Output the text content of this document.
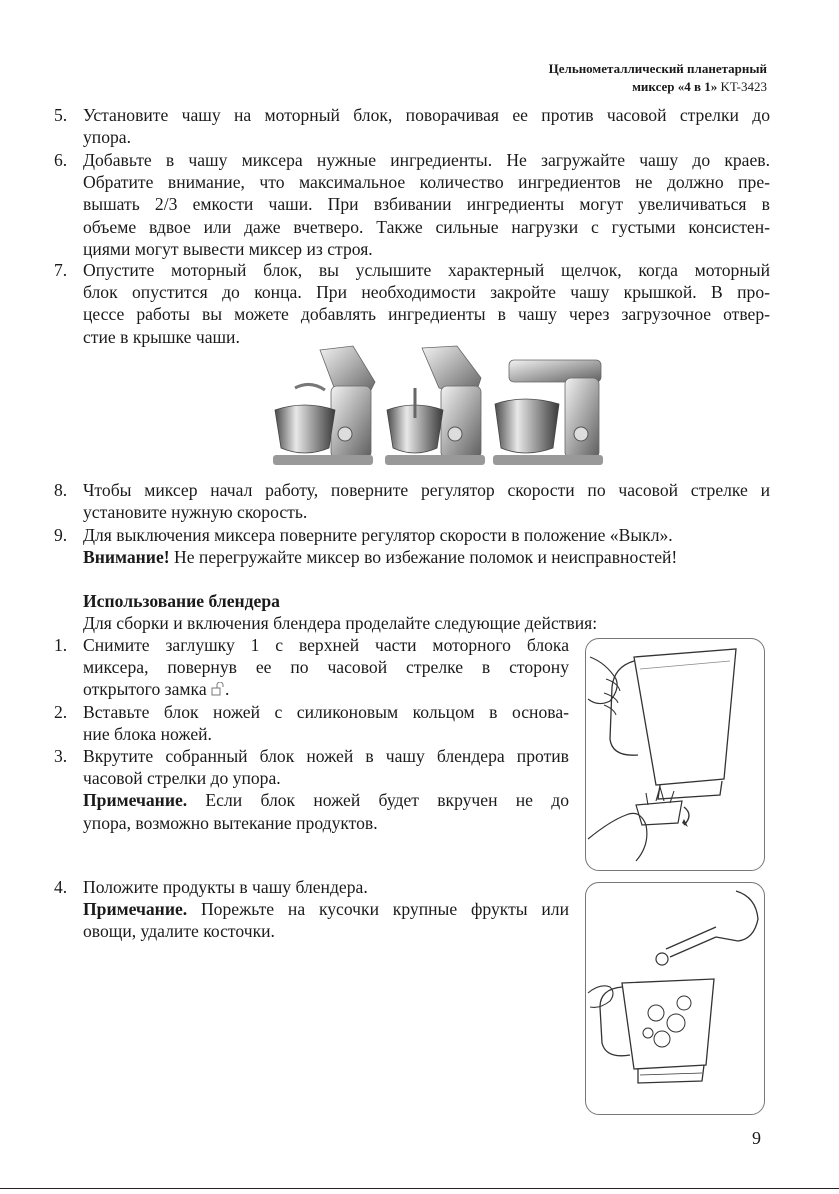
Цельнометаллический планетарный
миксер «4 в 1» KT-3423
5. Установите чашу на моторный блок, поворачивая ее против часовой стрелки до
упора.
6. Добавьте в чашу миксера нужные ингредиенты. Не загружайте чашу до краев.
Обратите внимание, что максимальное количество ингредиентов не должно пре-
вышать 2/3 емкости чаши. При взбивании ингредиенты могут увеличиваться в
объеме вдвое или даже вчетверо. Также сильные нагрузки с густыми консистен-
циями могут вывести миксер из строя.
7. Опустите моторный блок, вы услышите характерный щелчок, когда моторный
блок опустится до конца. При необходимости закройте чашу крышкой. В про-
цессе работы вы можете добавлять ингредиенты в чашу через загрузочное отвер-
стие в крышке чаши.
8. Чтобы миксер начал работу, поверните регулятор скорости по часовой стрелке и
установите нужную скорость.
9. Для выключения миксера поверните регулятор скорости в положение «Выкл».
Внимание! Не перегружайте миксер во избежание поломок и неисправностей!
Использование блендера
Для сборки и включения блендера проделайте следующие действия:
1. Снимите заглушку 1 с верхней части моторного блока
миксера, повернув ее по часовой стрелке в сторону
открытого замка .
2. Вставьте блок ножей с силиконовым кольцом в основа-
ние блока ножей.
3. Вкрутите собранный блок ножей в чашу блендера против
часовой стрелки до упора.
Примечание. Если блок ножей будет вкручен не до
упора, возможно вытекание продуктов.
4. Положите продукты в чашу блендера.
Примечание. Порежьте на кусочки крупные фрукты или
овощи, удалите косточки.
9
